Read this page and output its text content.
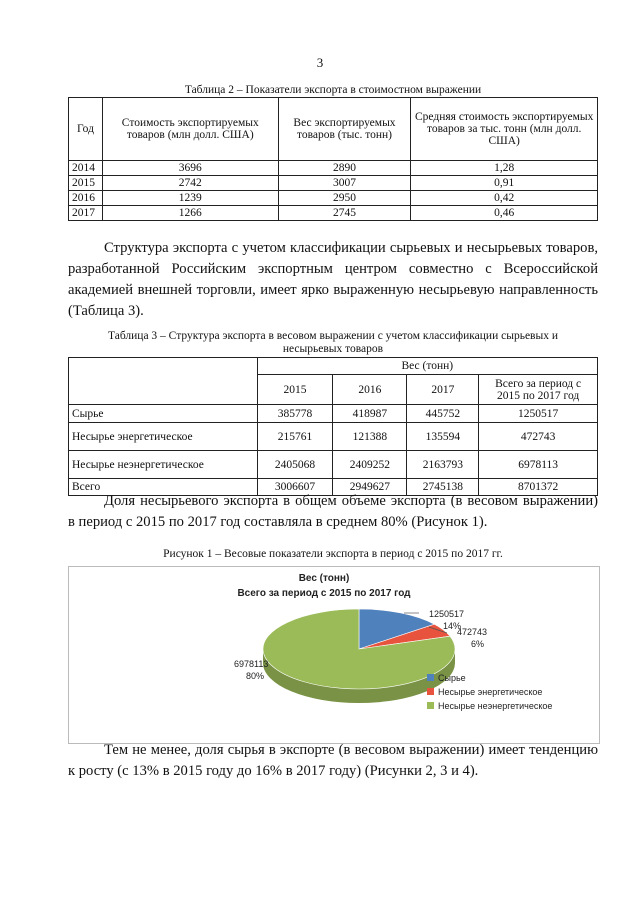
3
Таблица 2 – Показатели экспорта в стоимостном выражении
Год	Стоимость экспортируемых товаров (млн долл. США)	Вес экспортируемых товаров (тыс. тонн)	Средняя стоимость экспортируемых товаров за тыс. тонн (млн долл. США)
2014	3696	2890	1,28
2015	2742	3007	0,91
2016	1239	2950	0,42
2017	1266	2745	0,46
Структура экспорта с учетом классификации сырьевых и несырьевых товаров,
разработанной Российским экспортным центром совместно с Всероссийской
академией внешней торговли, имеет ярко выраженную несырьевую направленность
(Таблица 3).
Таблица 3 – Структура экспорта в весовом выражении с учетом классификации сырьевых и
несырьевых товаров
	Вес (тонн)			
	2015	2016	2017	Всего за период с 2015 по 2017 год
Сырье	385778	418987	445752	1250517
Несырье энергетическое	215761	121388	135594	472743
Несырье неэнергетическое	2405068	2409252	2163793	6978113
Всего	3006607	2949627	2745138	8701372
Доля несырьевого экспорта в общем объеме экспорта (в весовом выражении)
в период с 2015 по 2017 год составляла в среднем 80% (Рисунок 1).
Рисунок 1 – Весовые показатели экспорта в период с 2015 по 2017 гг.
Вес (тонн)
Всего за период с 2015 по 2017 год
1250517
14%
472743
6%
6978113
80%	Сырье
Несырье энергетическое
Несырье неэнергетическое
Тем не менее, доля сырья в экспорте (в весовом выражении) имеет тенденцию
к росту (с 13% в 2015 году до 16% в 2017 году) (Рисунки 2, 3 и 4).
